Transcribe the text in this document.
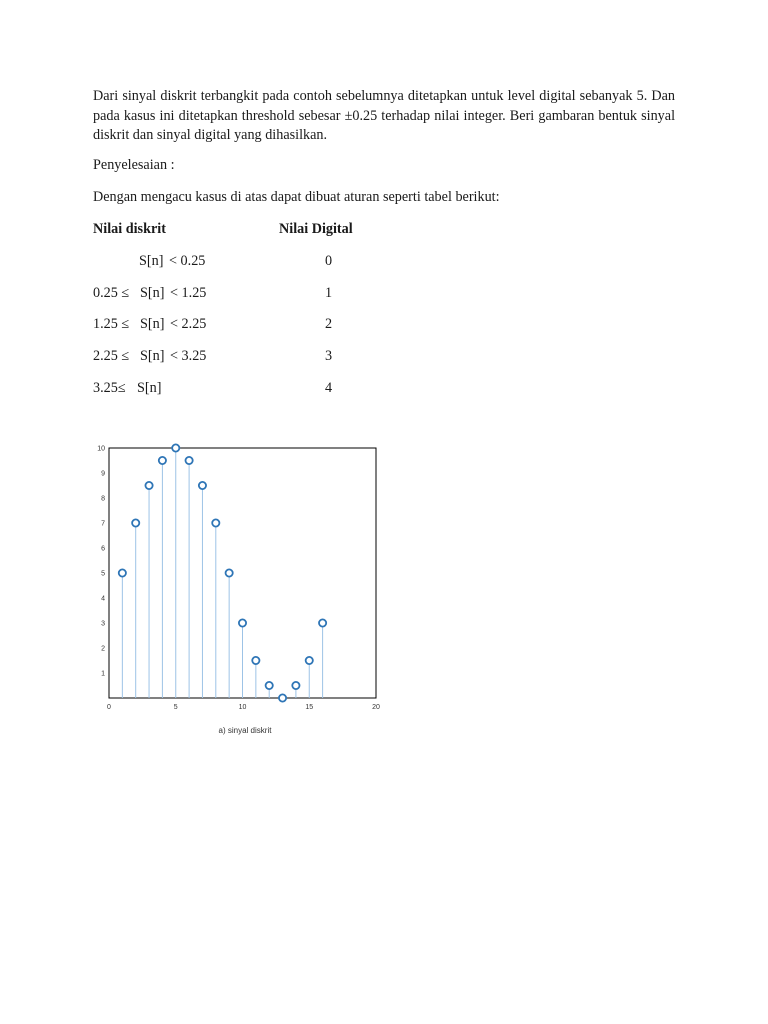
Dari sinyal diskrit terbangkit pada contoh sebelumnya ditetapkan untuk level digital sebanyak 5. Dan pada kasus ini ditetapkan threshold sebesar ±0.25 terhadap nilai integer. Beri gambaran bentuk sinyal diskrit dan sinyal digital yang dihasilkan.

Penyelesaian :

Dengan mengacu kasus di atas dapat dibuat aturan seperti tabel berikut:

Nilai diskrit	Nilai Digital
S[n] < 0.25	0
0.25 ≤ S[n] < 1.25	1
1.25 ≤ S[n] < 2.25	2
2.25 ≤ S[n] < 3.25	3
3.25≤ S[n]	4
1
2
3
4
5
6
7
8
9
10
0	5	10	15	20
a) sinyal diskrit
